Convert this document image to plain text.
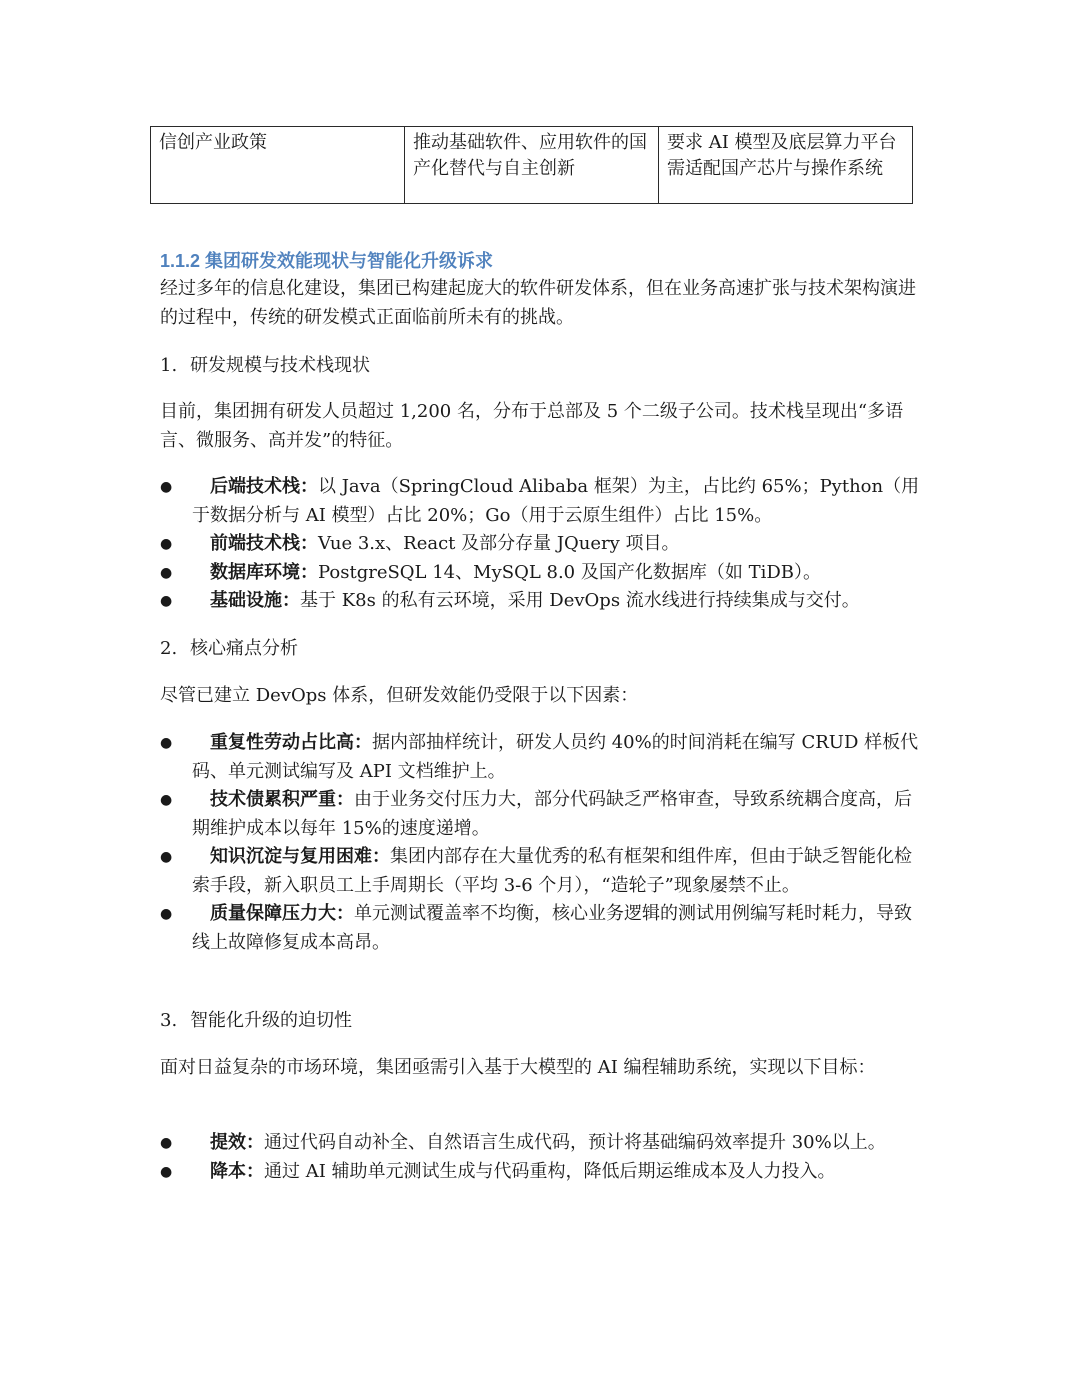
信创产业政策	推动基础软件、应用软件的国产化替代与自主创新	要求 AI 模型及底层算力平台需适配国产芯片与操作系统
1.1.2 集团研发效能现状与智能化升级诉求

经过多年的信息化建设，集团已构建起庞大的软件研发体系，但在业务高速扩张与技术架构演进的过程中，传统的研发模式正面临前所未有的挑战。

1. 研发规模与技术栈现状

目前，集团拥有研发人员超过 1,200 名，分布于总部及 5 个二级子公司。技术栈呈现出“多语言、微服务、高并发”的特征。

● 后端技术栈：以 Java（SpringCloud Alibaba 框架）为主，占比约 65%；Python（用于数据分析与 AI 模型）占比 20%；Go（用于云原生组件）占比 15%。
● 前端技术栈：Vue 3.x、React 及部分存量 JQuery 项目。
● 数据库环境：PostgreSQL 14、MySQL 8.0 及国产化数据库（如 TiDB）。
● 基础设施：基于 K8s 的私有云环境，采用 DevOps 流水线进行持续集成与交付。

2. 核心痛点分析

尽管已建立 DevOps 体系，但研发效能仍受限于以下因素：

● 重复性劳动占比高：据内部抽样统计，研发人员约 40%的时间消耗在编写 CRUD 样板代码、单元测试编写及 API 文档维护上。
● 技术债累积严重：由于业务交付压力大，部分代码缺乏严格审查，导致系统耦合度高，后期维护成本以每年 15%的速度递增。
● 知识沉淀与复用困难：集团内部存在大量优秀的私有框架和组件库，但由于缺乏智能化检索手段，新入职员工上手周期长（平均 3-6 个月），“造轮子”现象屡禁不止。
● 质量保障压力大：单元测试覆盖率不均衡，核心业务逻辑的测试用例编写耗时耗力，导致线上故障修复成本高昂。

3. 智能化升级的迫切性

面对日益复杂的市场环境，集团亟需引入基于大模型的 AI 编程辅助系统，实现以下目标：

● 提效：通过代码自动补全、自然语言生成代码，预计将基础编码效率提升 30%以上。
● 降本：通过 AI 辅助单元测试生成与代码重构，降低后期运维成本及人力投入。
